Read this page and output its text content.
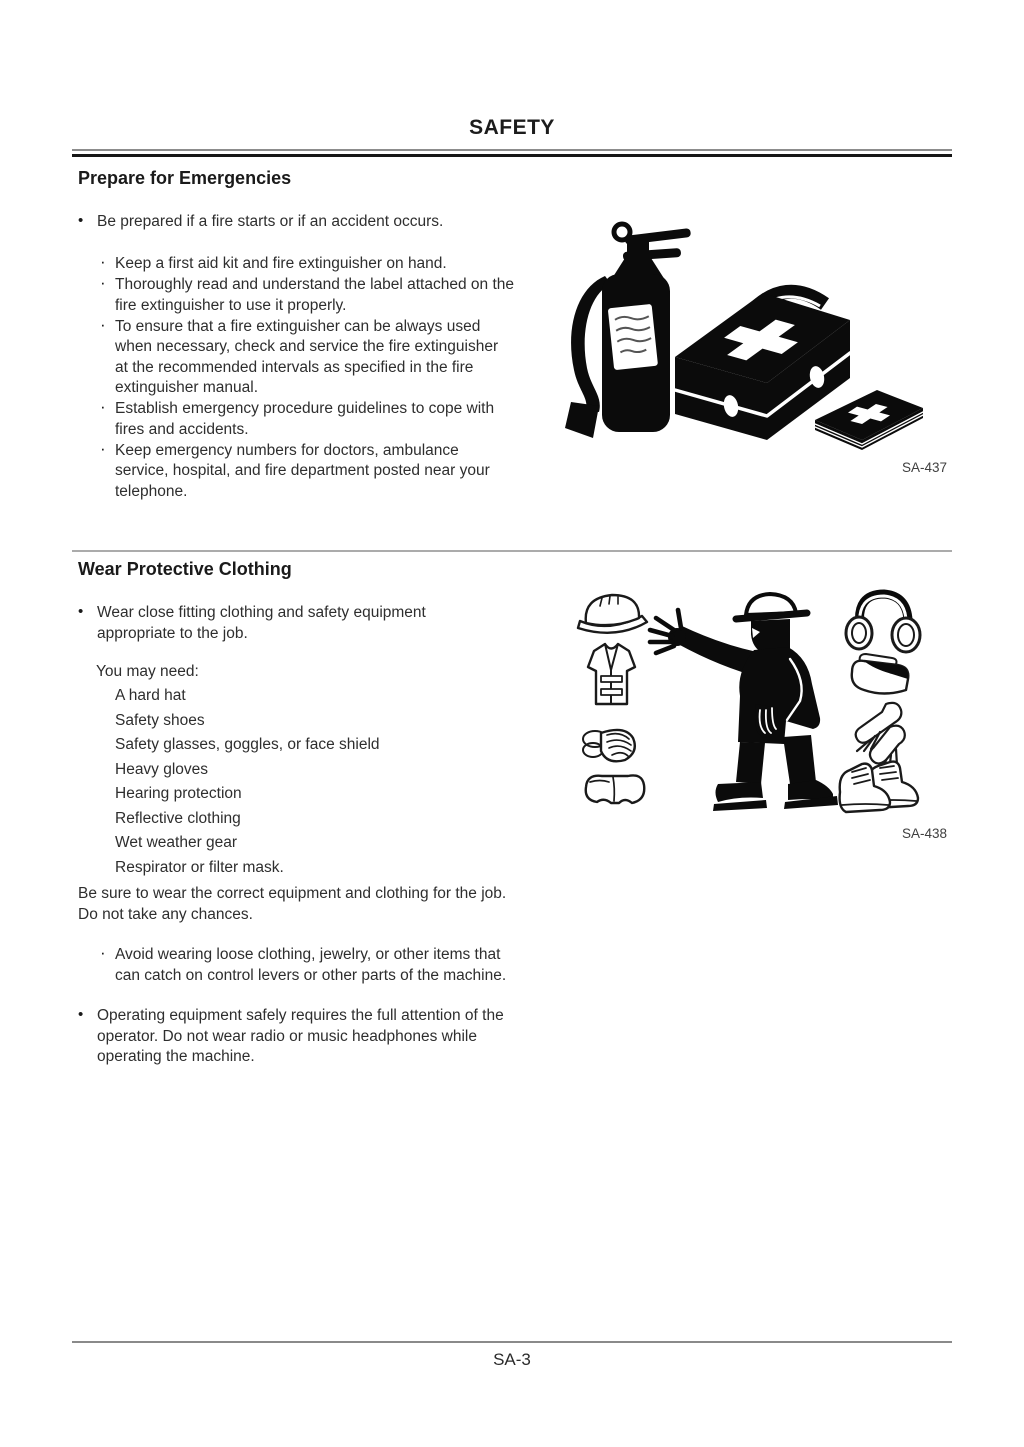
SAFETY
Prepare for Emergencies
• Be prepared if a fire starts or if an accident occurs.
· Keep a first aid kit and fire extinguisher on hand.
· Thoroughly read and understand the label attached on the fire extinguisher to use it properly.
· To ensure that a fire extinguisher can be always used when necessary, check and service the fire extinguisher at the recommended intervals as specified in the fire extinguisher manual.
· Establish emergency procedure guidelines to cope with fires and accidents.
· Keep emergency numbers for doctors, ambulance service, hospital, and fire department posted near your telephone.
SA-437
Wear Protective Clothing
• Wear close fitting clothing and safety equipment appropriate to the job.
You may need:
A hard hat
Safety shoes
Safety glasses, goggles, or face shield
Heavy gloves
Hearing protection
Reflective clothing
Wet weather gear
Respirator or filter mask.
Be sure to wear the correct equipment and clothing for the job. Do not take any chances.
SA-438
· Avoid wearing loose clothing, jewelry, or other items that can catch on control levers or other parts of the machine.
• Operating equipment safely requires the full attention of the operator. Do not wear radio or music headphones while operating the machine.
SA-3
